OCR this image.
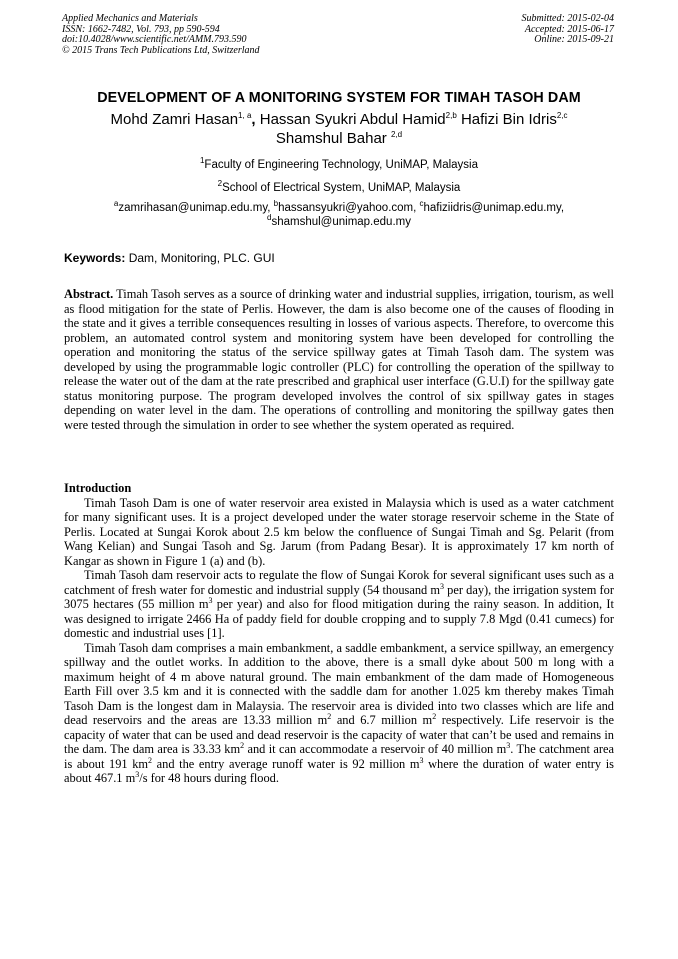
Applied Mechanics and Materials
ISSN: 1662-7482, Vol. 793, pp 590-594
doi:10.4028/www.scientific.net/AMM.793.590
© 2015 Trans Tech Publications Ltd, Switzerland
Submitted: 2015-02-04
Accepted: 2015-06-17
Online: 2015-09-21
DEVELOPMENT OF A MONITORING SYSTEM FOR TIMAH TASOH DAM
Mohd Zamri Hasan$^{1, a}$, Hassan Syukri Abdul Hamid$^{2,b}$ Hafizi Bin Idris$^{2,c}$
Shamshul Bahar $^{2,d}$
$^1$Faculty of Engineering Technology, UniMAP, Malaysia
$^2$School of Electrical System, UniMAP, Malaysia
$^a$zamrihasan@unimap.edu.my, $^b$hassansyukri@yahoo.com, $^c$hafiziidris@unimap.edu.my,
$^d$shamshul@unimap.edu.my
Keywords: Dam, Monitoring, PLC. GUI
Abstract. Timah Tasoh serves as a source of drinking water and industrial supplies, irrigation, tourism, as well as flood mitigation for the state of Perlis. However, the dam is also become one of the causes of flooding in the state and it gives a terrible consequences resulting in losses of various aspects. Therefore, to overcome this problem, an automated control system and monitoring system have been developed for controlling the operation and monitoring the status of the service spillway gates at Timah Tasoh dam. The system was developed by using the programmable logic controller (PLC) for controlling the operation of the spillway to release the water out of the dam at the rate prescribed and graphical user interface (G.U.I) for the spillway gate status monitoring purpose. The program developed involves the control of six spillway gates in stages depending on water level in the dam. The operations of controlling and monitoring the spillway gates then were tested through the simulation in order to see whether the system operated as required.
Introduction

Timah Tasoh Dam is one of water reservoir area existed in Malaysia which is used as a water catchment for many significant uses. It is a project developed under the water storage reservoir scheme in the State of Perlis. Located at Sungai Korok about 2.5 km below the confluence of Sungai Timah and Sg. Pelarit (from Wang Kelian) and Sungai Tasoh and Sg. Jarum (from Padang Besar). It is approximately 17 km north of Kangar as shown in Figure 1 (a) and (b).

Timah Tasoh dam reservoir acts to regulate the flow of Sungai Korok for several significant uses such as a catchment of fresh water for domestic and industrial supply (54 thousand $m^3$ per day), the irrigation system for 3075 hectares (55 million $m^3$ per year) and also for flood mitigation during the rainy season. In addition, It was designed to irrigate 2466 Ha of paddy field for double cropping and to supply 7.8 Mgd (0.41 cumecs) for domestic and industrial uses [1].

Timah Tasoh dam comprises a main embankment, a saddle embankment, a service spillway, an emergency spillway and the outlet works. In addition to the above, there is a small dyke about 500 m long with a maximum height of 4 m above natural ground. The main embankment of the dam made of Homogeneous Earth Fill over 3.5 km and it is connected with the saddle dam for another 1.025 km thereby makes Timah Tasoh Dam is the longest dam in Malaysia. The reservoir area is divided into two classes which are life and dead reservoirs and the areas are 13.33 million $m^2$ and 6.7 million $m^2$ respectively. Life reservoir is the capacity of water that can be used and dead reservoir is the capacity of water that can’t be used and remains in the dam. The dam area is 33.33 $km^2$ and it can accommodate a reservoir of 40 million $m^3$. The catchment area is about 191 $km^2$ and the entry average runoff water is 92 million $m^3$ where the duration of water entry is about 467.1 $m^3/s$ for 48 hours during flood.
